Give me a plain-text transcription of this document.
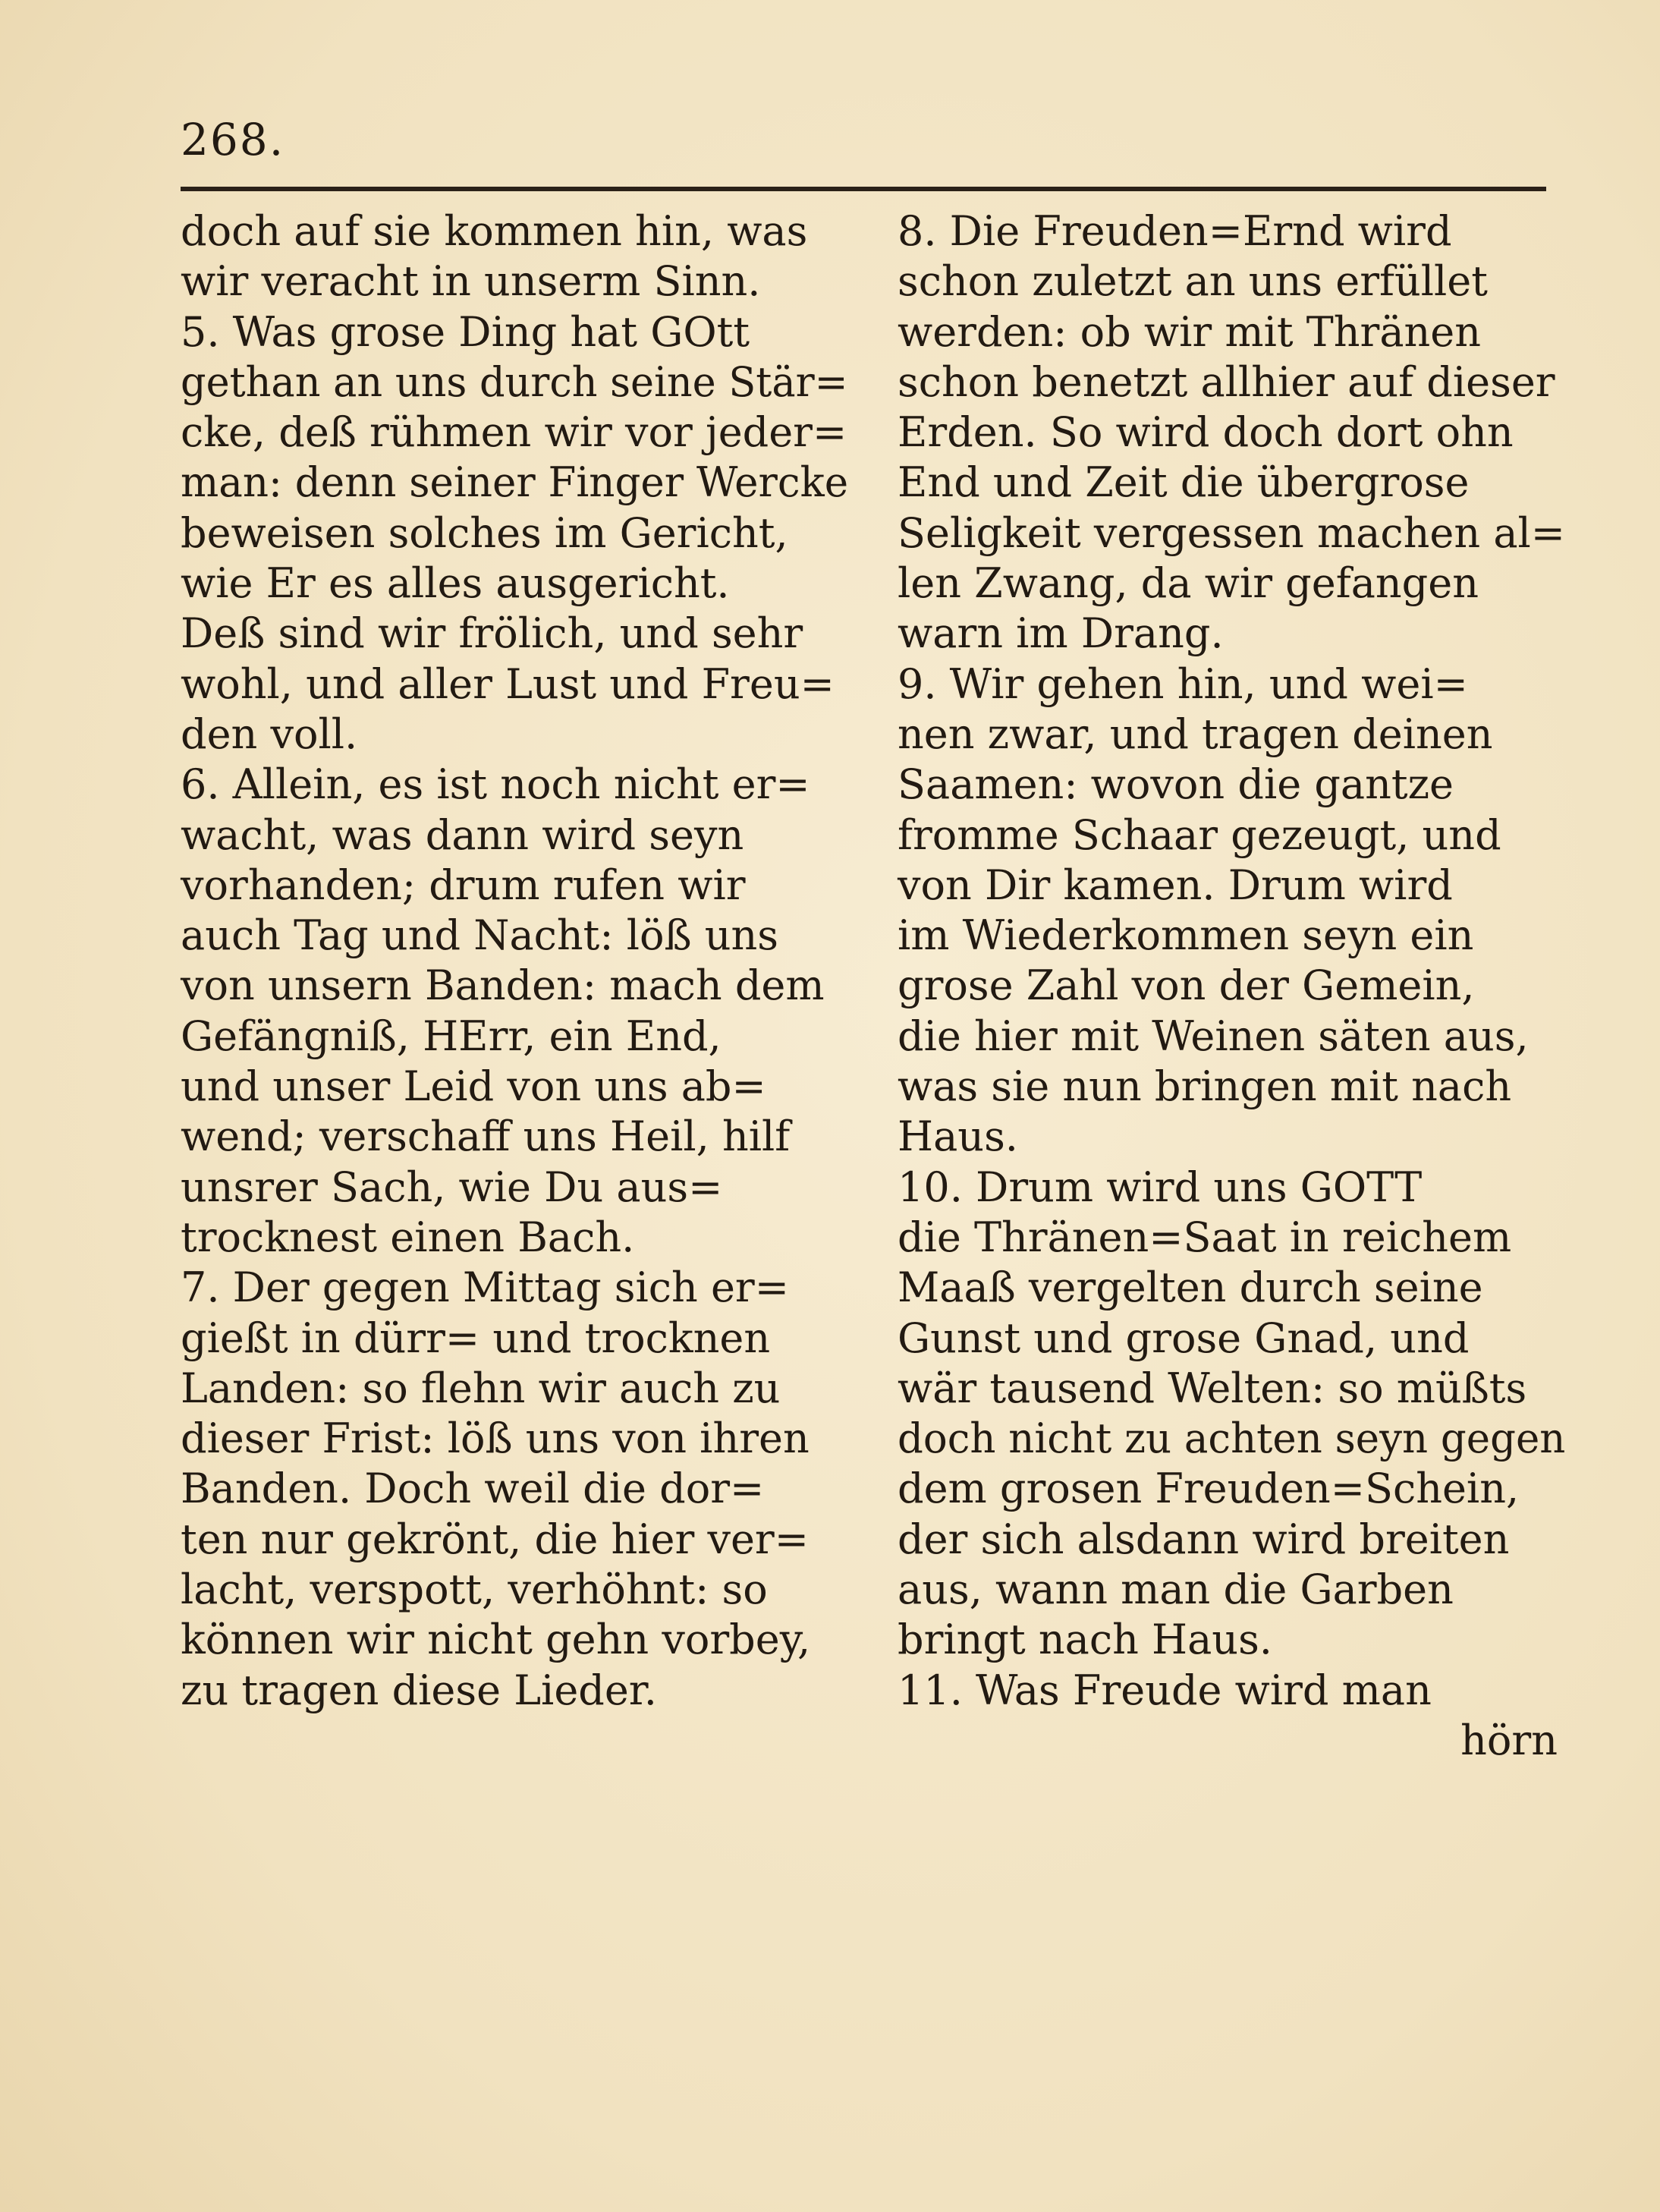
268.
doch auf sie kommen hin, was
wir veracht in unserm Sinn.
5. Was grose Ding hat GOtt
gethan an uns durch seine Stär=
cke, deß rühmen wir vor jeder=
man: denn seiner Finger Wercke
beweisen solches im Gericht,
wie Er es alles ausgericht.
Deß sind wir frölich, und sehr
wohl, und aller Lust und Freu=
den voll.
6. Allein, es ist noch nicht er=
wacht, was dann wird seyn
vorhanden; drum rufen wir
auch Tag und Nacht: löß uns
von unsern Banden: mach dem
Gefängniß, HErr, ein End,
und unser Leid von uns ab=
wend; verschaff uns Heil, hilf
unsrer Sach, wie Du aus=
trocknest einen Bach.
7. Der gegen Mittag sich er=
gießt in dürr= und trocknen
Landen: so flehn wir auch zu
dieser Frist: löß uns von ihren
Banden. Doch weil die dor=
ten nur gekrönt, die hier ver=
lacht, verspott, verhöhnt: so
können wir nicht gehn vorbey,
zu tragen diese Lieder.
8. Die Freuden=Ernd wird
schon zuletzt an uns erfüllet
werden: ob wir mit Thränen
schon benetzt allhier auf dieser
Erden. So wird doch dort ohn
End und Zeit die übergrose
Seligkeit vergessen machen al=
len Zwang, da wir gefangen
warn im Drang.
9. Wir gehen hin, und wei=
nen zwar, und tragen deinen
Saamen: wovon die gantze
fromme Schaar gezeugt, und
von Dir kamen. Drum wird
im Wiederkommen seyn ein
grose Zahl von der Gemein,
die hier mit Weinen säten aus,
was sie nun bringen mit nach
Haus.
10. Drum wird uns GOTT
die Thränen=Saat in reichem
Maaß vergelten durch seine
Gunst und grose Gnad, und
wär tausend Welten: so müßts
doch nicht zu achten seyn gegen
dem grosen Freuden=Schein,
der sich alsdann wird breiten
aus, wann man die Garben
bringt nach Haus.
11. Was Freude wird man
hörn
